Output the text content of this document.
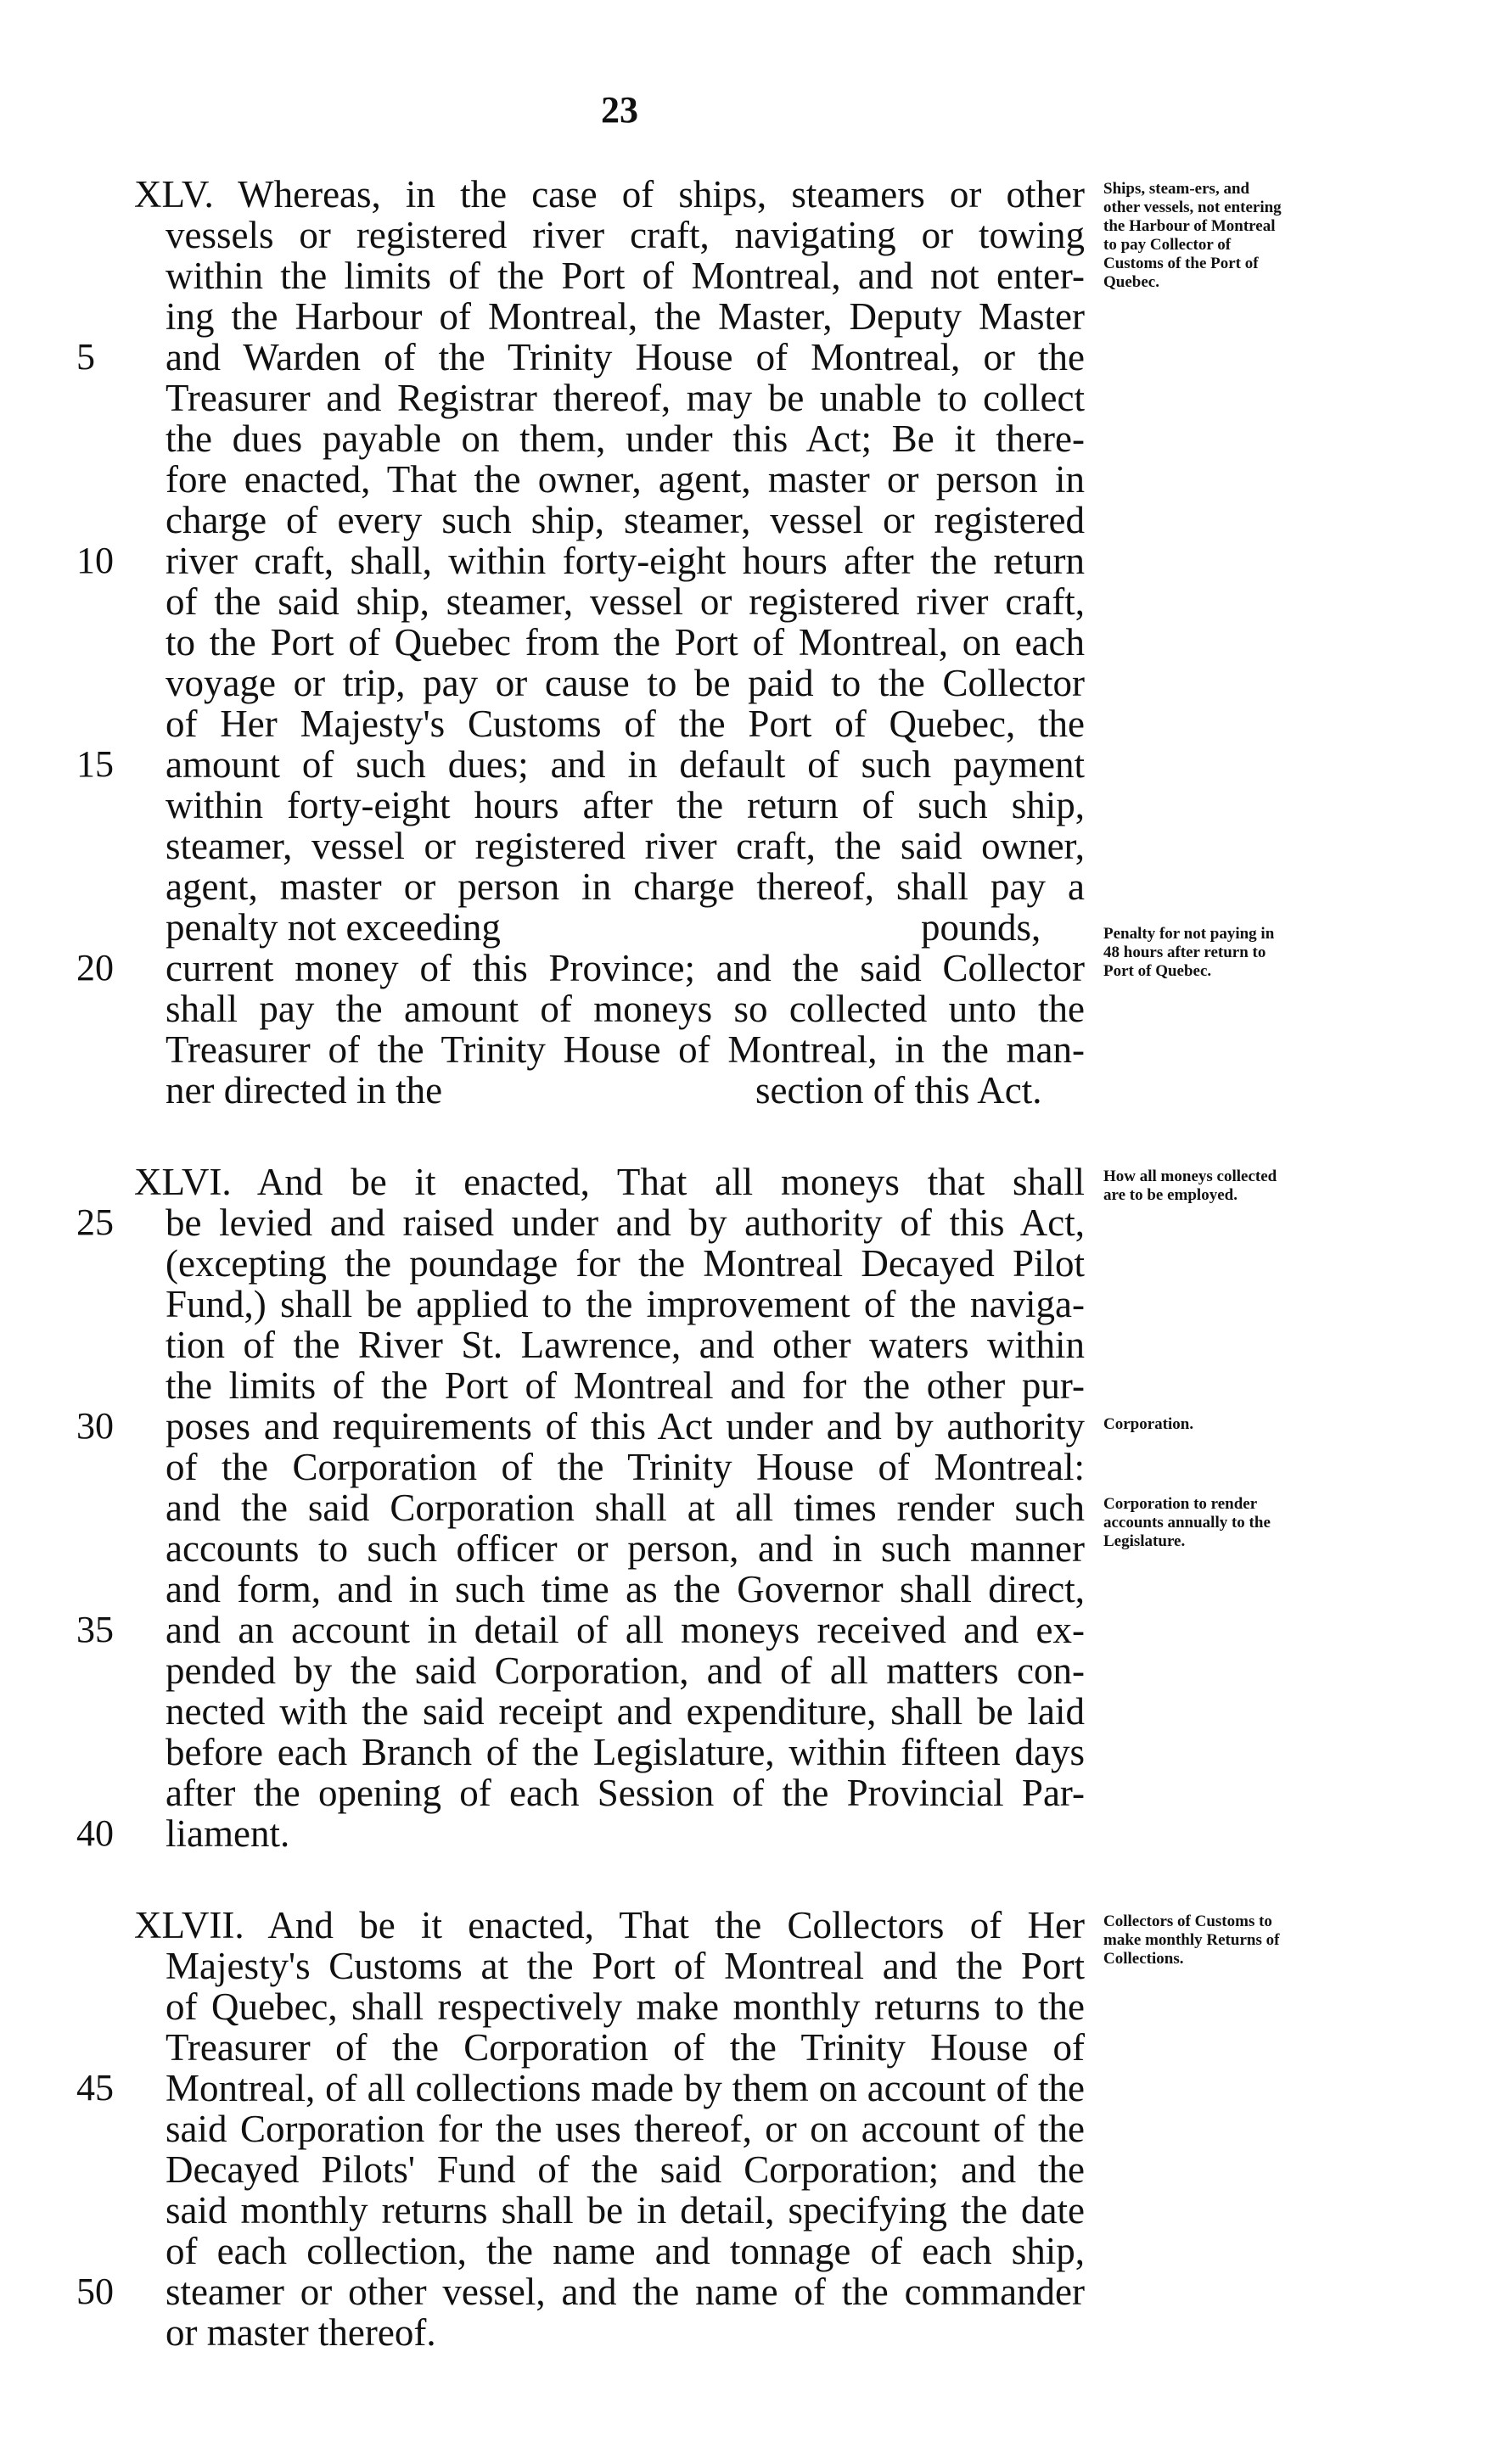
23
XLV. Whereas, in the case of ships, steamers or other
vessels or registered river craft, navigating or towing
within the limits of the Port of Montreal, and not enter-
ing the Harbour of Montreal, the Master, Deputy Master
5	and Warden of the Trinity House of Montreal, or the
Treasurer and Registrar thereof, may be unable to collect
the dues payable on them, under this Act; Be it there-
fore enacted, That the owner, agent, master or person in
charge of every such ship, steamer, vessel or registered
10	river craft, shall, within forty-eight hours after the return
of the said ship, steamer, vessel or registered river craft,
to the Port of Quebec from the Port of Montreal, on each
voyage or trip, pay or cause to be paid to the Collector
of Her Majesty's Customs of the Port of Quebec, the
15	amount of such dues; and in default of such payment
within forty-eight hours after the return of such ship,
steamer, vessel or registered river craft, the said owner,
agent, master or person in charge thereof, shall pay a
penalty not exceeding	pounds,
20	current money of this Province; and the said Collector
shall pay the amount of moneys so collected unto the
Treasurer of the Trinity House of Montreal, in the man-
ner directed in the	section of this Act.
Ships, steam-ers, and other vessels, not entering the Harbour of Montreal to pay Collector of Customs of the Port of Quebec.
Penalty for not paying in 48 hours after return to Port of Quebec.
XLVI. And be it enacted, That all moneys that shall
25	be levied and raised under and by authority of this Act,
(excepting the poundage for the Montreal Decayed Pilot
Fund,) shall be applied to the improvement of the naviga-
tion of the River St. Lawrence, and other waters within
the limits of the Port of Montreal and for the other pur-
30	poses and requirements of this Act under and by authority
of the Corporation of the Trinity House of Montreal:
and the said Corporation shall at all times render such
accounts to such officer or person, and in such manner
and form, and in such time as the Governor shall direct,
35	and an account in detail of all moneys received and ex-
pended by the said Corporation, and of all matters con-
nected with the said receipt and expenditure, shall be laid
before each Branch of the Legislature, within fifteen days
after the opening of each Session of the Provincial Par-
40	liament.
How all moneys collected are to be employed.
Corporation.
Corporation to render accounts annually to the Legislature.
XLVII. And be it enacted, That the Collectors of Her
Majesty's Customs at the Port of Montreal and the Port
of Quebec, shall respectively make monthly returns to the
Treasurer of the Corporation of the Trinity House of
45	Montreal, of all collections made by them on account of the
said Corporation for the uses thereof, or on account of the
Decayed Pilots' Fund of the said Corporation; and the
said monthly returns shall be in detail, specifying the date
of each collection, the name and tonnage of each ship,
50	steamer or other vessel, and the name of the commander
or master thereof.
Collectors of Customs to make monthly Returns of Collections.
